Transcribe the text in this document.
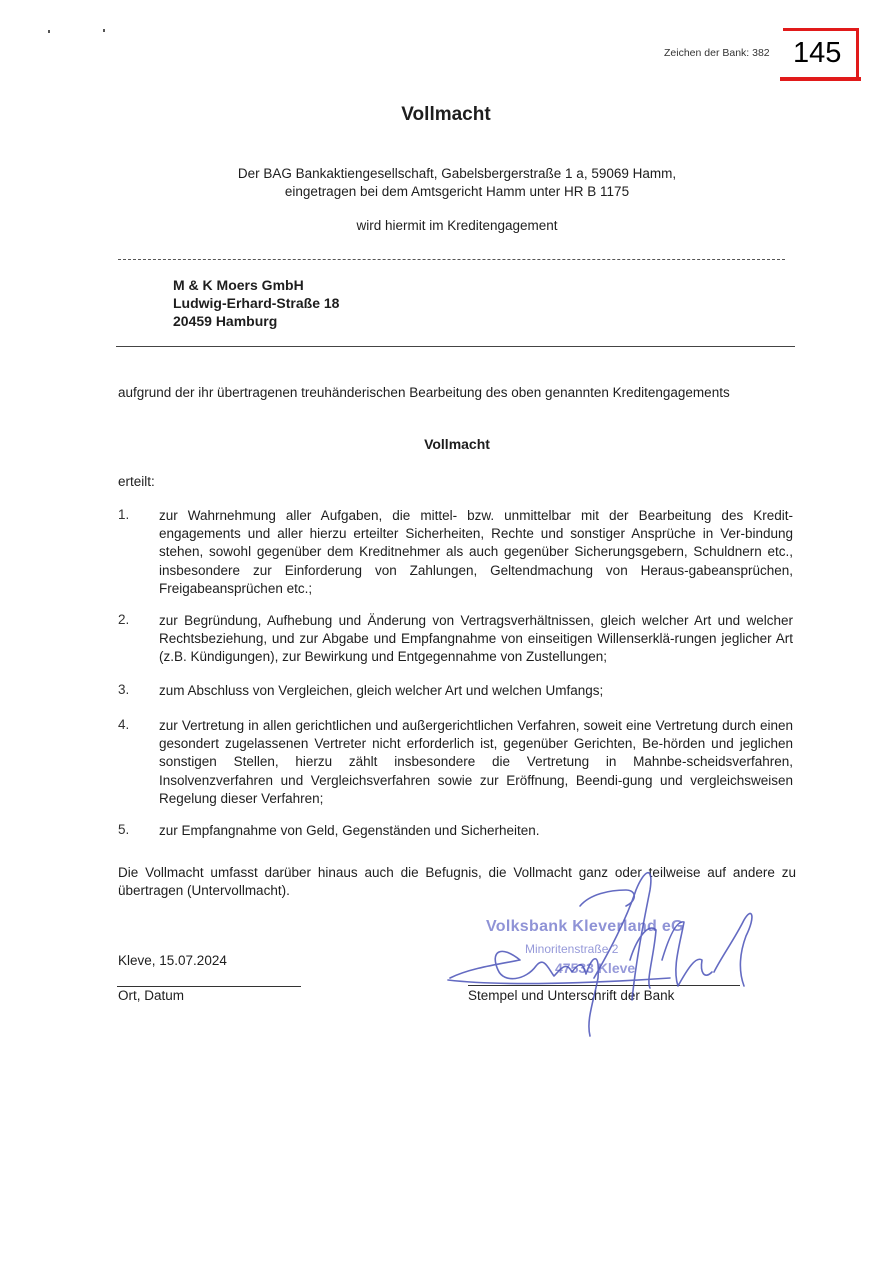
Zeichen der Bank: 382 145
Vollmacht
Der BAG Bankaktiengesellschaft, Gabelsbergerstraße 1 a, 59069 Hamm,
eingetragen bei dem Amtsgericht Hamm unter HR B 1175
wird hiermit im Kreditengagement
M & K Moers GmbH
Ludwig-Erhard-Straße 18
20459 Hamburg
aufgrund der ihr übertragenen treuhänderischen Bearbeitung des oben genannten Kreditengagements
Vollmacht
erteilt:
1. zur Wahrnehmung aller Aufgaben, die mittel- bzw. unmittelbar mit der Bearbeitung des Kredit-engagements und aller hierzu erteilter Sicherheiten, Rechte und sonstiger Ansprüche in Ver-bindung stehen, sowohl gegenüber dem Kreditnehmer als auch gegenüber Sicherungsgebern, Schuldnern etc., insbesondere zur Einforderung von Zahlungen, Geltendmachung von Heraus-gabeansprüchen, Freigabeansprüchen etc.;
2. zur Begründung, Aufhebung und Änderung von Vertragsverhältnissen, gleich welcher Art und welcher Rechtsbeziehung, und zur Abgabe und Empfangnahme von einseitigen Willenserklä-rungen jeglicher Art (z.B. Kündigungen), zur Bewirkung und Entgegennahme von Zustellungen;
3. zum Abschluss von Vergleichen, gleich welcher Art und welchen Umfangs;
4. zur Vertretung in allen gerichtlichen und außergerichtlichen Verfahren, soweit eine Vertretung durch einen gesondert zugelassenen Vertreter nicht erforderlich ist, gegenüber Gerichten, Be-hörden und jeglichen sonstigen Stellen, hierzu zählt insbesondere die Vertretung in Mahnbe-scheidsverfahren, Insolvenzverfahren und Vergleichsverfahren sowie zur Eröffnung, Beendi-gung und vergleichsweisen Regelung dieser Verfahren;
5. zur Empfangnahme von Geld, Gegenständen und Sicherheiten.
Die Vollmacht umfasst darüber hinaus auch die Befugnis, die Vollmacht ganz oder teilweise auf andere zu übertragen (Untervollmacht).
Kleve, 15.07.2024
Ort, Datum
Volksbank Kleverland eG
Minoritenstraße 2
47533 Kleve
Stempel und Unterschrift der Bank
